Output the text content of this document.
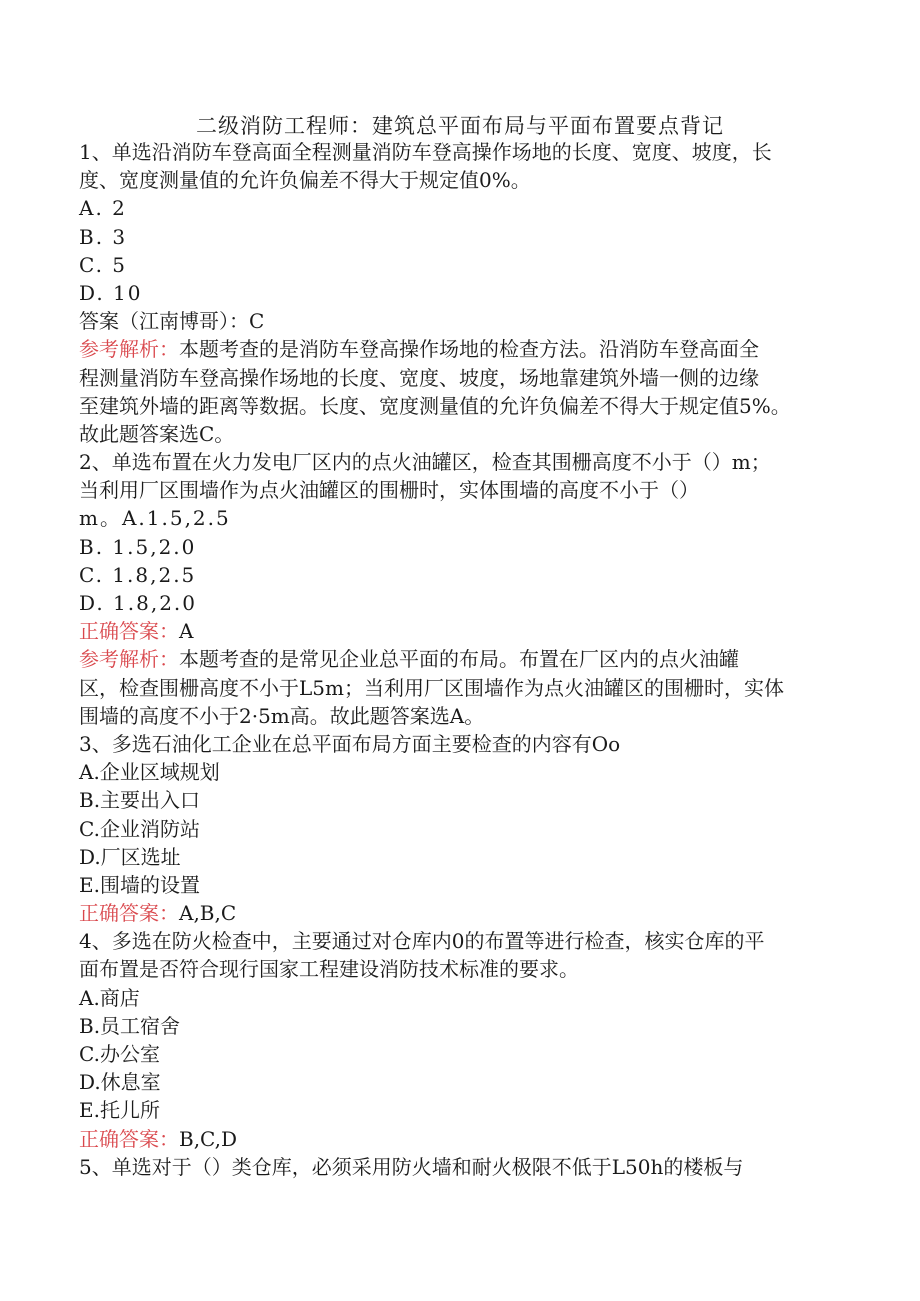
二级消防工程师：建筑总平面布局与平面布置要点背记
1、单选沿消防车登高面全程测量消防车登高操作场地的长度、宽度、坡度，长
度、宽度测量值的允许负偏差不得大于规定值0%。
A. 2
B. 3
C. 5
D. 10
答案（江南博哥）：C
参考解析：本题考查的是消防车登高操作场地的检查方法。沿消防车登高面全
程测量消防车登高操作场地的长度、宽度、坡度，场地靠建筑外墙一侧的边缘
至建筑外墙的距离等数据。长度、宽度测量值的允许负偏差不得大于规定值5%。
故此题答案选C。
2、单选布置在火力发电厂区内的点火油罐区，检查其围栅高度不小于（）m；
当利用厂区围墙作为点火油罐区的围栅时，实体围墙的高度不小于（）
m。A.1.5,2.5
B. 1.5,2.0
C. 1.8,2.5
D. 1.8,2.0
正确答案：A
参考解析：本题考查的是常见企业总平面的布局。布置在厂区内的点火油罐
区，检查围栅高度不小于L5m；当利用厂区围墙作为点火油罐区的围栅时，实体
围墙的高度不小于2·5m高。故此题答案选A。
3、多选石油化工企业在总平面布局方面主要检查的内容有Oo
A.企业区域规划
B.主要出入口
C.企业消防站
D.厂区选址
E.围墙的设置
正确答案：A,B,C
4、多选在防火检查中，主要通过对仓库内0的布置等进行检查，核实仓库的平
面布置是否符合现行国家工程建设消防技术标准的要求。
A.商店
B.员工宿舍
C.办公室
D.休息室
E.托儿所
正确答案：B,C,D
5、单选对于（）类仓库，必须采用防火墙和耐火极限不低于L50h的楼板与
